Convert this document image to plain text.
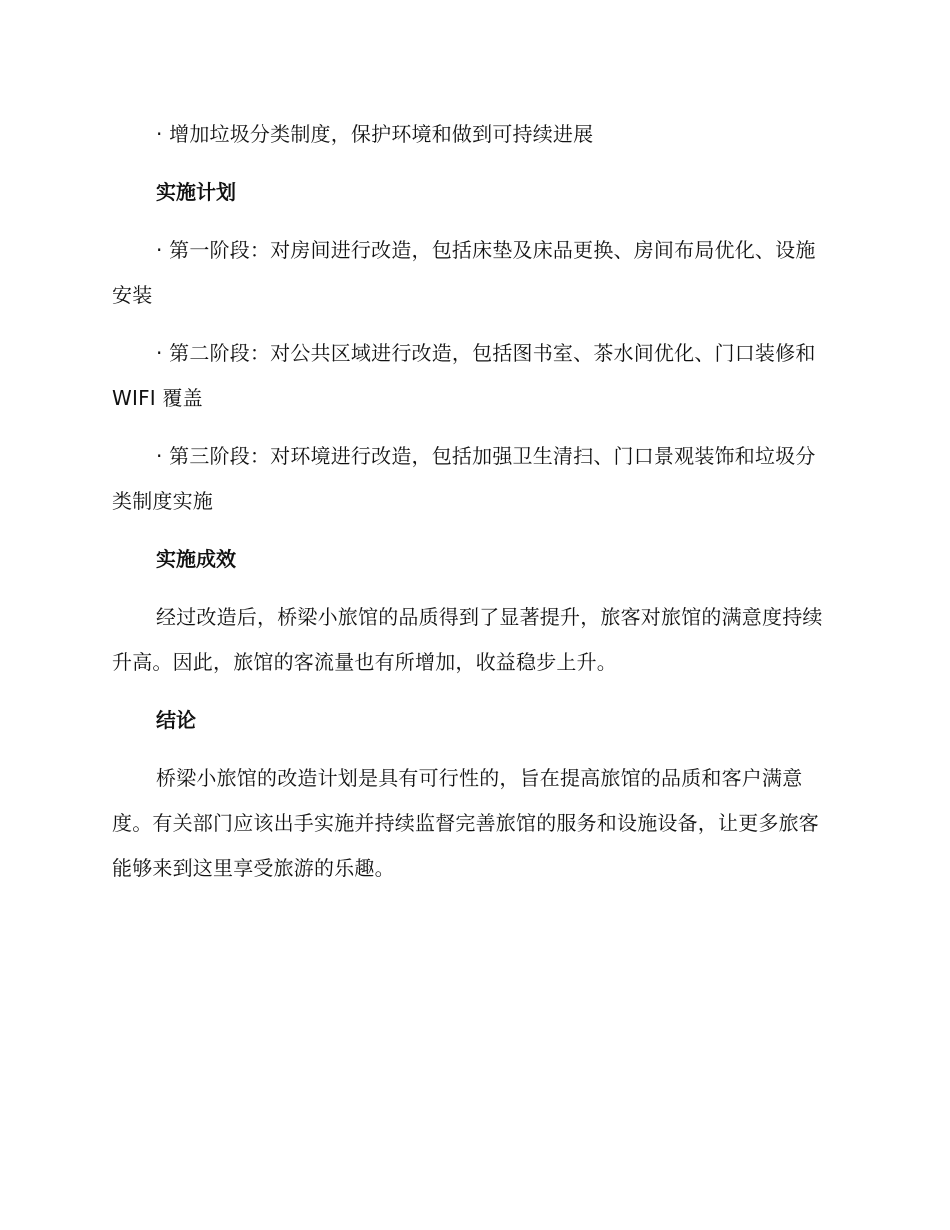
· 增加垃圾分类制度，保护环境和做到可持续进展

实施计划

· 第一阶段：对房间进行改造，包括床垫及床品更换、房间布局优化、设施安装

· 第二阶段：对公共区域进行改造，包括图书室、茶水间优化、门口装修和 WIFI 覆盖

· 第三阶段：对环境进行改造，包括加强卫生清扫、门口景观装饰和垃圾分类制度实施

实施成效

经过改造后，桥梁小旅馆的品质得到了显著提升，旅客对旅馆的满意度持续升高。因此，旅馆的客流量也有所增加，收益稳步上升。

结论

桥梁小旅馆的改造计划是具有可行性的，旨在提高旅馆的品质和客户满意度。有关部门应该出手实施并持续监督完善旅馆的服务和设施设备，让更多旅客能够来到这里享受旅游的乐趣。
